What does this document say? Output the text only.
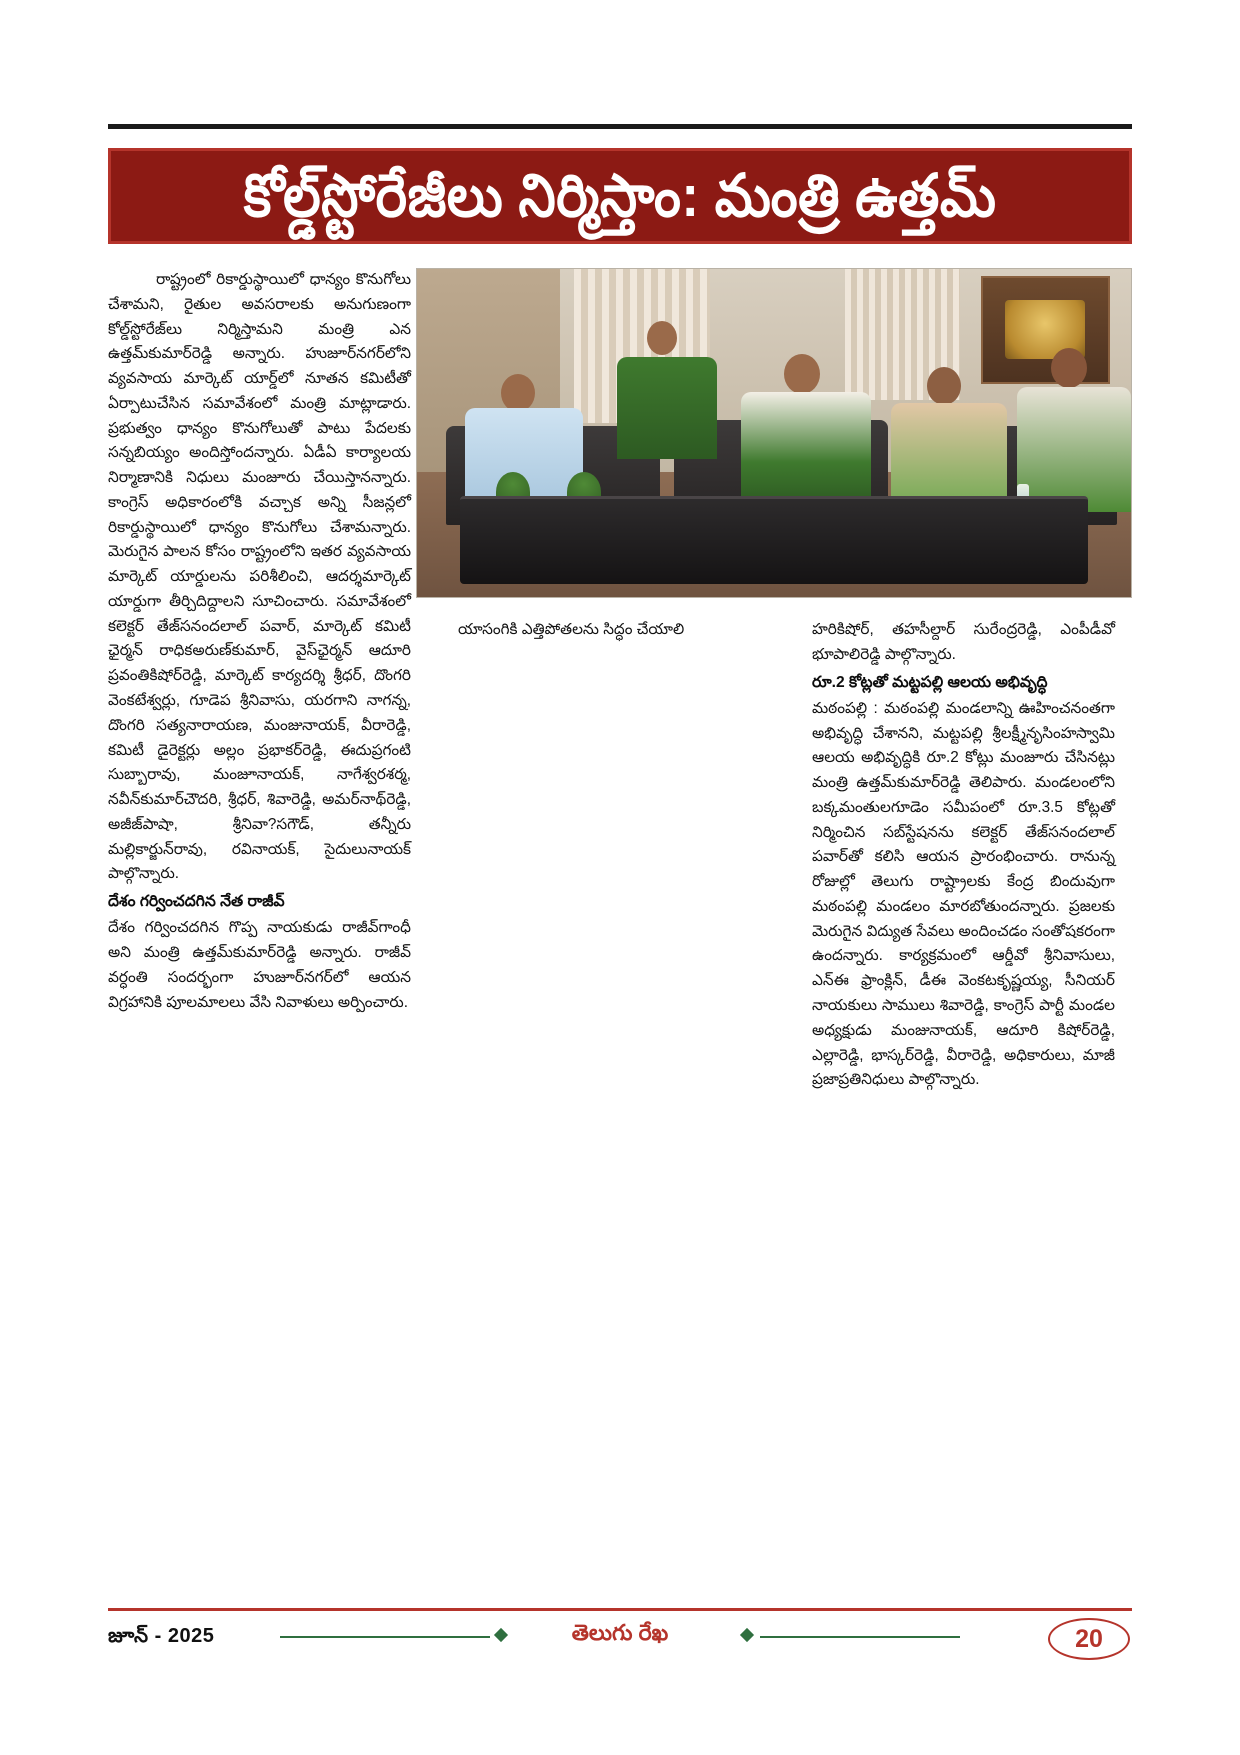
కోల్డ్‌స్టోరేజీలు నిర్మిస్తాం: మంత్రి ఉత్తమ్

రాష్ట్రంలో రికార్డుస్థాయిలో ధాన్యం కొనుగోలు చేశామని, రైతుల అవసరాలకు అనుగుణంగా కోల్డ్‌స్టోరేజ్‌లు నిర్మిస్తామని మంత్రి ఎన ఉత్తమ్‌కుమార్‌రెడ్డి అన్నారు. హుజూర్‌నగర్‌లోని వ్యవసాయ మార్కెట్ యార్డ్‌లో నూతన కమిటీతో ఏర్పాటుచేసిన సమావేశంలో మంత్రి మాట్లాడారు. ప్రభుత్వం ధాన్యం కొనుగోలుతో పాటు పేదలకు సన్నబియ్యం అందిస్తోందన్నారు. ఏడీఏ కార్యాలయ నిర్మాణానికి నిధులు మంజూరు చేయిస్తానన్నారు. కాంగ్రెస్ అధికారంలోకి వచ్చాక అన్ని సీజన్లలో రికార్డుస్థాయిలో ధాన్యం కొనుగోలు చేశామన్నారు. మెరుగైన పాలన కోసం రాష్ట్రంలోని ఇతర వ్యవసాయ మార్కెట్ యార్డులను పరిశీలించి, ఆదర్శమార్కెట్ యార్డుగా తీర్చిదిద్దాలని సూచించారు. సమావేశంలో కలెక్టర్ తేజ్‌సనందలాల్ పవార్, మార్కెట్ కమిటీ ఛైర్మన్ రాధికఅరుణ్‌కుమార్, వైస్‌ఛైర్మన్ ఆదూరి ప్రవంతికిషోర్‌రెడ్డి, మార్కెట్ కార్యదర్శి శ్రీధర్, దొంగరి వెంకటేశ్వర్లు, గూడెప శ్రీనివాసు, యరగాని నాగన్న, దొంగరి సత్యనారాయణ, మంజునాయక్, వీరారెడ్డి, కమిటీ డైరెక్టర్లు అల్లం ప్రభాకర్‌రెడ్డి, ఈదుప్రగంటి సుబ్బారావు, మంజూనాయక్, నాగేశ్వరశర్మ, నవీన్‌కుమార్‌చౌదరి, శ్రీధర్, శివారెడ్డి, అమర్‌నాథ్‌రెడ్డి, అజీజ్‌పాషా, శ్రీనివా?సగౌడ్, తన్నీరు మల్లికార్జున్‌రావు, రవినాయక్, సైదులునాయక్ పాల్గొన్నారు.

దేశం గర్వించదగిన నేత రాజీవ్

దేశం గర్వించదగిన గొప్ప నాయకుడు రాజీవ్‌గాంధీ అని మంత్రి ఉత్తమ్‌కుమార్‌రెడ్డి అన్నారు. రాజీవ్ వర్ధంతి సందర్భంగా హుజూర్‌నగర్‌లో ఆయన విగ్రహానికి పూలమాలలు వేసి నివాళులు అర్పించారు.

యాసంగికి ఎత్తిపోతలను సిద్ధం చేయాలి	హరికిషోర్, తహసీల్దార్ సురేంద్రరెడ్డి, ఎంపీడీవో భూపాలిరెడ్డి పాల్గొన్నారు.

రూ.2 కోట్లతో మట్టపల్లి ఆలయ అభివృద్ధి

మఠంపల్లి : మఠంపల్లి మండలాన్ని ఊహించనంతగా అభివృద్ధి చేశానని, మట్టపల్లి శ్రీలక్ష్మీనృసింహస్వామి ఆలయ అభివృద్ధికి రూ.2 కోట్లు మంజూరు చేసినట్లు మంత్రి ఉత్తమ్‌కుమార్‌రెడ్డి తెలిపారు. మండలంలోని బక్కమంతులగూడెం సమీపంలో రూ.3.5 కోట్లతో నిర్మించిన సబ్‌స్టేషనను కలెక్టర్ తేజ్‌సనందలాల్ పవార్‌తో కలిసి ఆయన ప్రారంభించారు. రానున్న రోజుల్లో తెలుగు రాష్ట్రాలకు కేంద్ర బిందువుగా మఠంపల్లి మండలం మారబోతుందన్నారు. ప్రజలకు మెరుగైన విద్యుత సేవలు అందించడం సంతోషకరంగా ఉందన్నారు. కార్యక్రమంలో ఆర్డీవో శ్రీనివాసులు, ఎన్‌ఈ ఫ్రాంక్లిన్, డీఈ వెంకటకృష్ణయ్య, సీనియర్ నాయకులు సాములు శివారెడ్డి, కాంగ్రెస్ పార్టీ మండల అధ్యక్షుడు మంజునాయక్, ఆదూరి కిషోర్‌రెడ్డి, ఎల్లారెడ్డి, భాస్కర్‌రెడ్డి, వీరారెడ్డి, అధికారులు, మాజీ ప్రజాప్రతినిధులు పాల్గొన్నారు.

జూన్ - 2025	తెలుగు రేఖ	20
